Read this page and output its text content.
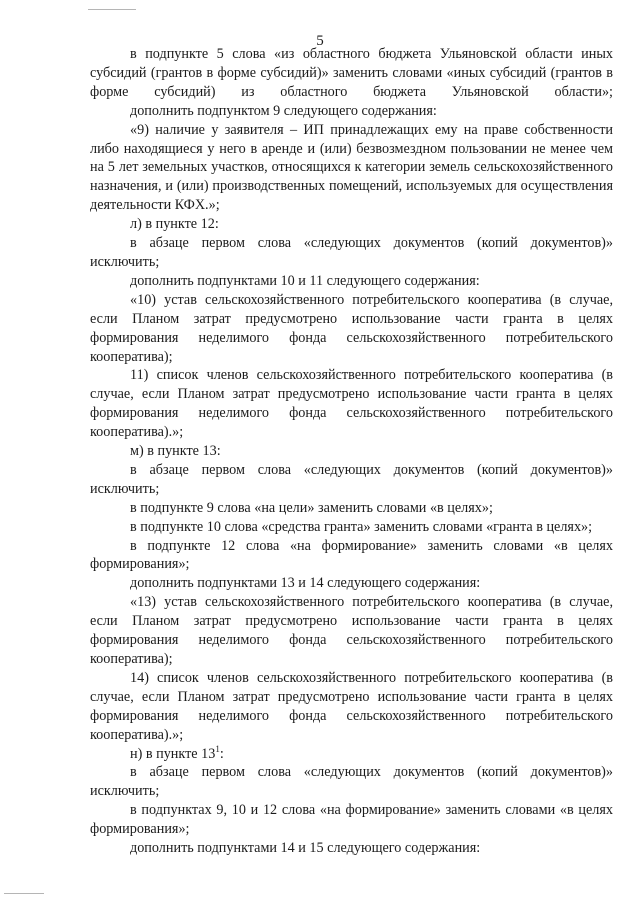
5

в подпункте 5 слова «из областного бюджета Ульяновской области иных субсидий (грантов в форме субсидий)» заменить словами «иных субсидий (грантов в форме субсидий) из областного бюджета Ульяновской области»;

дополнить подпунктом 9 следующего содержания:

«9) наличие у заявителя – ИП принадлежащих ему на праве собственности либо находящиеся у него в аренде и (или) безвозмездном пользовании не менее чем на 5 лет земельных участков, относящихся к категории земель сельскохозяйственного назначения, и (или) производственных помещений, используемых для осуществления деятельности КФХ.»;

л) в пункте 12:

в абзаце первом слова «следующих документов (копий документов)» исключить;

дополнить подпунктами 10 и 11 следующего содержания:

«10) устав сельскохозяйственного потребительского кооператива (в случае, если Планом затрат предусмотрено использование части гранта в целях формирования неделимого фонда сельскохозяйственного потребительского кооператива);

11) список членов сельскохозяйственного потребительского кооператива (в случае, если Планом затрат предусмотрено использование части гранта в целях формирования неделимого фонда сельскохозяйственного потребительского кооператива).»;

м) в пункте 13:

в абзаце первом слова «следующих документов (копий документов)» исключить;

в подпункте 9 слова «на цели» заменить словами «в целях»;

в подпункте 10 слова «средства гранта» заменить словами «гранта в целях»;

в подпункте 12 слова «на формирование» заменить словами «в целях формирования»;

дополнить подпунктами 13 и 14 следующего содержания:

«13) устав сельскохозяйственного потребительского кооператива (в случае, если Планом затрат предусмотрено использование части гранта в целях формирования неделимого фонда сельскохозяйственного потребительского кооператива);

14) список членов сельскохозяйственного потребительского кооператива (в случае, если Планом затрат предусмотрено использование части гранта в целях формирования неделимого фонда сельскохозяйственного потребительского кооператива).»;

н) в пункте $13^1$:

в абзаце первом слова «следующих документов (копий документов)» исключить;

в подпунктах 9, 10 и 12 слова «на формирование» заменить словами «в целях формирования»;

дополнить подпунктами 14 и 15 следующего содержания:
